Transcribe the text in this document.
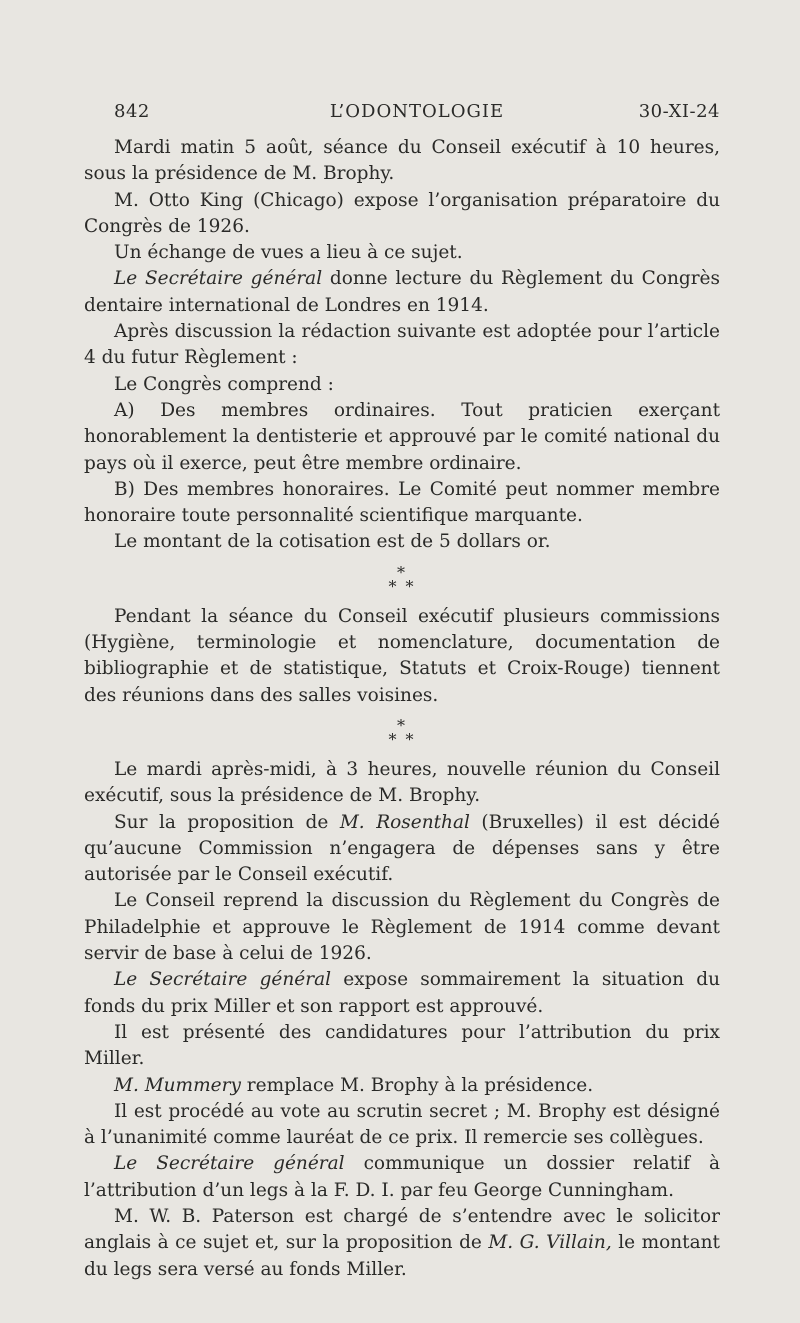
842	L’ODONTOLOGIE	30-XI-24

Mardi matin 5 août, séance du Conseil exécutif à 10 heures, sous la présidence de M. Brophy.

M. Otto King (Chicago) expose l’organisation préparatoire du Congrès de 1926.

Un échange de vues a lieu à ce sujet.

Le Secrétaire général donne lecture du Règlement du Congrès dentaire international de Londres en 1914.

Après discussion la rédaction suivante est adoptée pour l’article 4 du futur Règlement :

Le Congrès comprend :

A) Des membres ordinaires. Tout praticien exerçant honorablement la dentisterie et approuvé par le comité national du pays où il exerce, peut être membre ordinaire.

B) Des membres honoraires. Le Comité peut nommer membre honoraire toute personnalité scientifique marquante.

Le montant de la cotisation est de 5 dollars or.

*
* *

Pendant la séance du Conseil exécutif plusieurs commissions (Hygiène, terminologie et nomenclature, documentation de bibliographie et de statistique, Statuts et Croix-Rouge) tiennent des réunions dans des salles voisines.

*
* *

Le mardi après-midi, à 3 heures, nouvelle réunion du Conseil exécutif, sous la présidence de M. Brophy.

Sur la proposition de M. Rosenthal (Bruxelles) il est décidé qu’aucune Commission n’engagera de dépenses sans y être autorisée par le Conseil exécutif.

Le Conseil reprend la discussion du Règlement du Congrès de Philadelphie et approuve le Règlement de 1914 comme devant servir de base à celui de 1926.

Le Secrétaire général expose sommairement la situation du fonds du prix Miller et son rapport est approuvé.

Il est présenté des candidatures pour l’attribution du prix Miller.

M. Mummery remplace M. Brophy à la présidence.

Il est procédé au vote au scrutin secret ; M. Brophy est désigné à l’unanimité comme lauréat de ce prix. Il remercie ses collègues.

Le Secrétaire général communique un dossier relatif à l’attribution d’un legs à la F. D. I. par feu George Cunningham.

M. W. B. Paterson est chargé de s’entendre avec le solicitor anglais à ce sujet et, sur la proposition de M. G. Villain, le montant du legs sera versé au fonds Miller.
